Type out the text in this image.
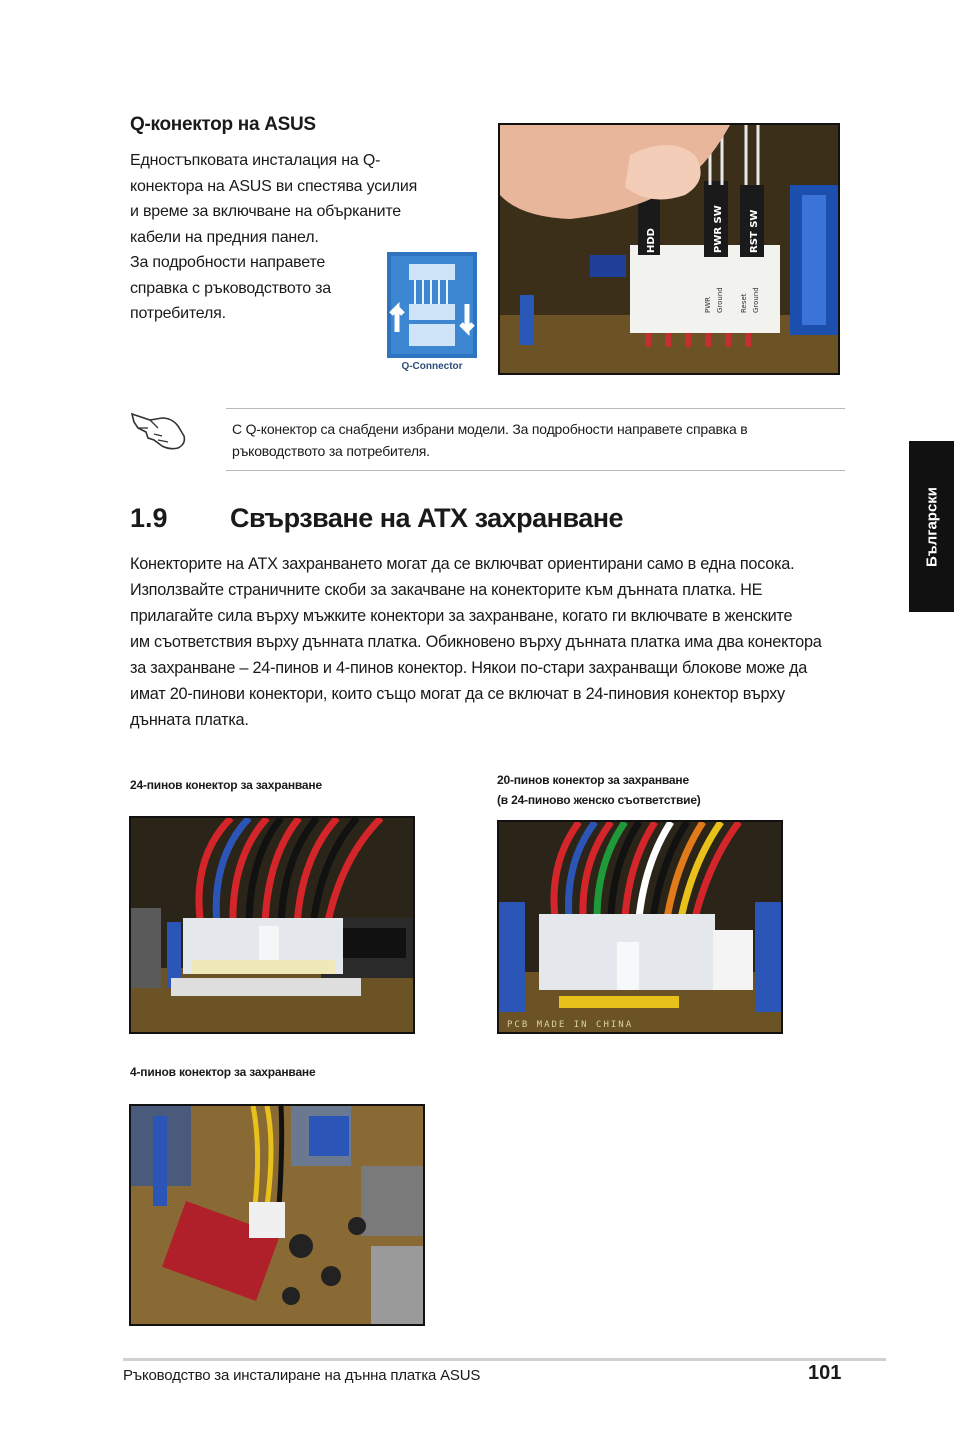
Q-конектор на ASUS

Едностъпковата инсталация на Q-

конектора на ASUS ви спестява усилия

и време за включване на обърканите

кабели на предния панел.

За подробности направете

справка с ръководството за

потребителя.

Q-Connector
HDD	PWR SW	RST SW
PWR Ground Reset Ground
С Q-конектор са снабдени избрани модели. За подробности направете справка в
ръководството за потребителя.
1.9 Свързване на ATX захранване
Конекторите на ATX захранването могат да се включват ориентирани само в една посока.
Използвайте страничните скоби за закачване на конекторите към дънната платка. НЕ
прилагайте сила върху мъжките конектори за захранване, когато ги включвате в женските
им съответствия върху дънната платка. Обикновено върху дънната платка има два конектора
за захранване – 24-пинов и 4-пинов конектор. Някои по-стари захранващи блокове може да
имат 20-пинови конектори, които също могат да се включат в 24-пиновия конектор върху
дънната платка.
24-пинов конектор за захранване	20-пинов конектор за захранване
(в 24-пиново женско съответствие)
4-пинов конектор за захранване
PCB MADE IN CHINA
Български
Ръководство за инсталиране на дънна платка ASUS	101
